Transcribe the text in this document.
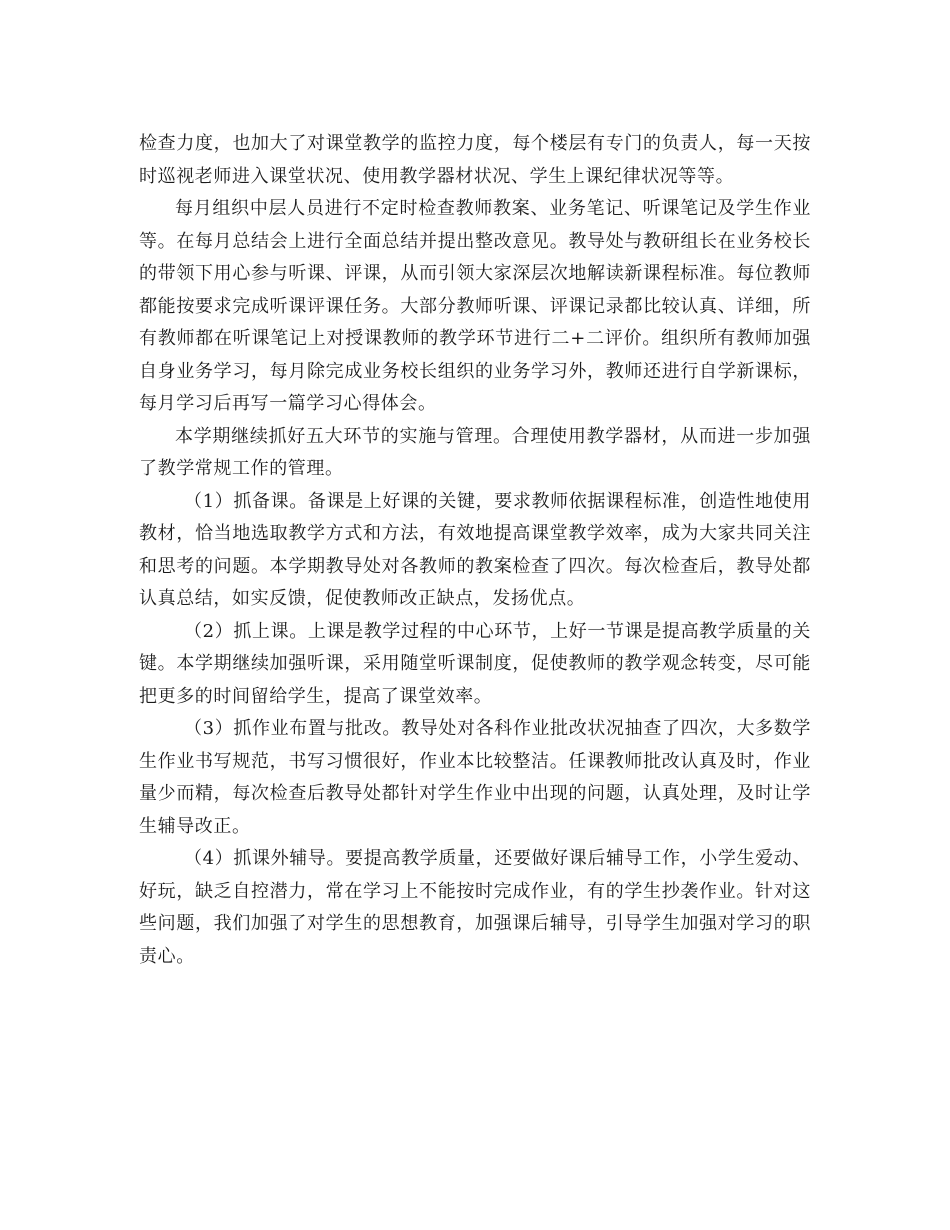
检查力度，也加大了对课堂教学的监控力度，每个楼层有专门的负责人，每一天按时巡视老师进入课堂状况、使用教学器材状况、学生上课纪律状况等等。

每月组织中层人员进行不定时检查教师教案、业务笔记、听课笔记及学生作业等。在每月总结会上进行全面总结并提出整改意见。教导处与教研组长在业务校长的带领下用心参与听课、评课，从而引领大家深层次地解读新课程标准。每位教师都能按要求完成听课评课任务。大部分教师听课、评课记录都比较认真、详细，所有教师都在听课笔记上对授课教师的教学环节进行二+二评价。组织所有教师加强自身业务学习，每月除完成业务校长组织的业务学习外，教师还进行自学新课标，每月学习后再写一篇学习心得体会。

本学期继续抓好五大环节的实施与管理。合理使用教学器材，从而进一步加强了教学常规工作的管理。

（1）抓备课。备课是上好课的关键，要求教师依据课程标准，创造性地使用教材，恰当地选取教学方式和方法，有效地提高课堂教学效率，成为大家共同关注和思考的问题。本学期教导处对各教师的教案检查了四次。每次检查后，教导处都认真总结，如实反馈，促使教师改正缺点，发扬优点。

（2）抓上课。上课是教学过程的中心环节，上好一节课是提高教学质量的关键。本学期继续加强听课，采用随堂听课制度，促使教师的教学观念转变，尽可能把更多的时间留给学生，提高了课堂效率。

（3）抓作业布置与批改。教导处对各科作业批改状况抽查了四次，大多数学生作业书写规范，书写习惯很好，作业本比较整洁。任课教师批改认真及时，作业量少而精，每次检查后教导处都针对学生作业中出现的问题，认真处理，及时让学生辅导改正。

（4）抓课外辅导。要提高教学质量，还要做好课后辅导工作，小学生爱动、好玩，缺乏自控潜力，常在学习上不能按时完成作业，有的学生抄袭作业。针对这些问题，我们加强了对学生的思想教育，加强课后辅导，引导学生加强对学习的职责心。
